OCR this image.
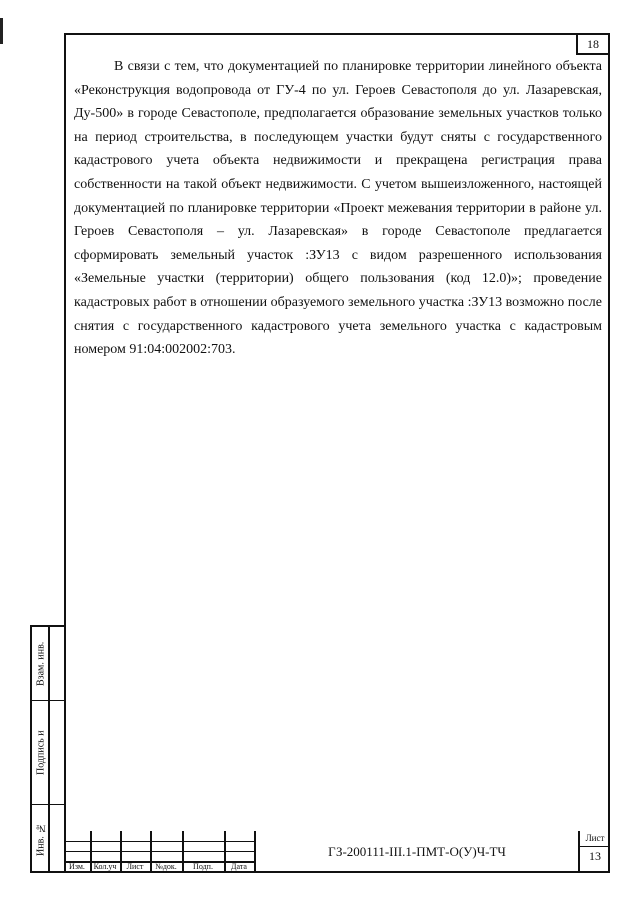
18

В связи с тем, что документацией по планировке территории линейного объекта «Реконструкция водопровода от ГУ-4 по ул. Героев Севастополя до ул. Лазаревская, Ду-500» в городе Севастополе, предполагается образование земельных участков только на период строительства, в последующем участки будут сняты с государственного кадастрового учета объекта недвижимости и прекращена регистрация права собственности на такой объект недвижимости. С учетом вышеизложенного, настоящей документацией по планировке территории «Проект межевания территории в районе ул. Героев Севастополя – ул. Лазаревская» в городе Севастополе предлагается сформировать земельный участок :ЗУ13 с видом разрешенного использования «Земельные участки (территории) общего пользования (код 12.0)»; проведение кадастровых работ в отношении образуемого земельного участка :ЗУ13 возможно после снятия с государственного кадастрового учета земельного участка с кадастровым номером 91:04:002002:703.

Взам. инв.
Подпись и
Инв. №
Изм.	Кол.уч	Лист	№док.	Подп.	Дата
ГЗ-200111-III.1-ПМТ-О(У)Ч-ТЧ
Лист
13
